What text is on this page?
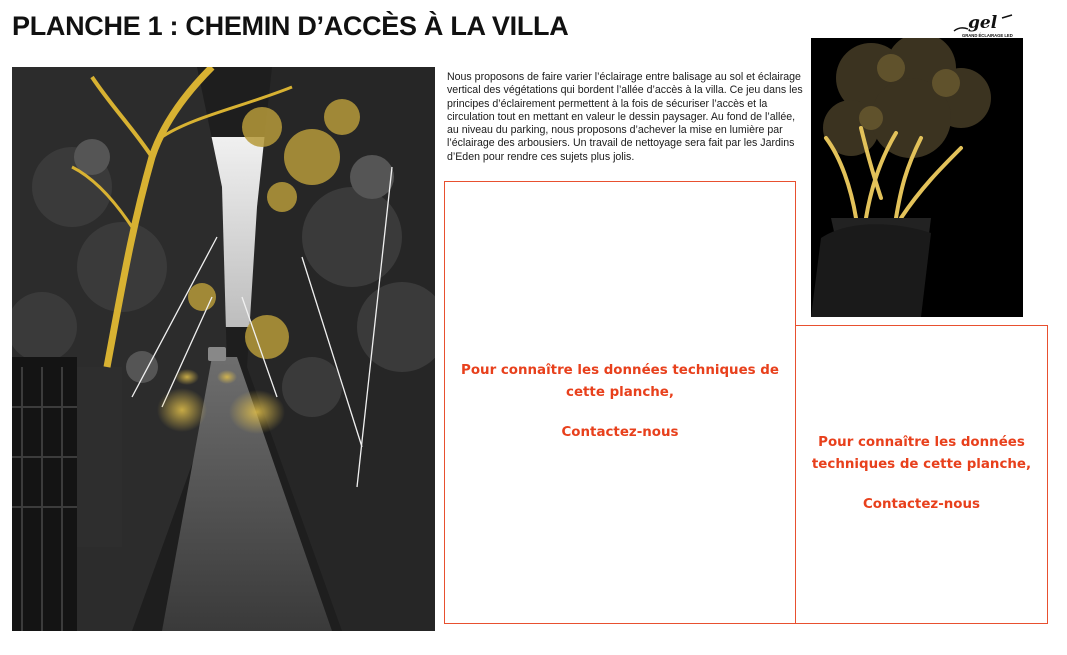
PLANCHE 1 : CHEMIN D’ACCÈS À LA VILLA	gel
GRAND ÉCLAIRAGE LED

Nous proposons de faire varier l’éclairage entre balisage au sol et éclairage vertical des végétations qui bordent l’allée d’accès à la villa. Ce jeu dans les principes d’éclairement permettent à la fois de sécuriser l’accès et la circulation tout en mettant en valeur le dessin paysager. Au fond de l’allée, au niveau du parking, nous proposons d’achever la mise en lumière par l’éclairage des arbousiers. Un travail de nettoyage sera fait par les Jardins d’Eden pour rendre ces sujets plus jolis.

Pour connaître les données techniques de cette planche,

Contactez-nous

Pour connaître les données techniques de cette planche,

Contactez-nous
